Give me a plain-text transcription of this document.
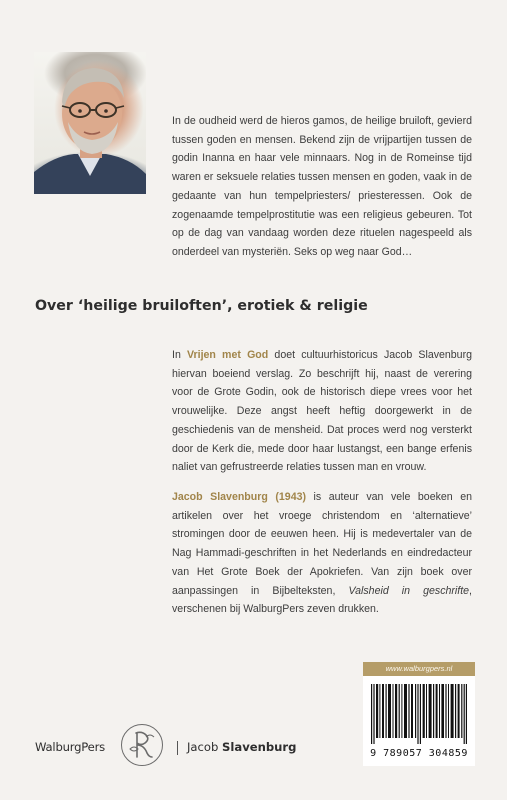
In de oudheid werd de hieros gamos, de heilige bruiloft, gevierd tussen goden en mensen. Bekend zijn de vrijpartijen tussen de godin Inanna en haar vele minnaars. Nog in de Romeinse tijd waren er seksuele relaties tussen mensen en goden, vaak in de gedaante van hun tempelpriesters/ priesteressen. Ook de zogenaamde tempelprostitutie was een religieus gebeuren. Tot op de dag van vandaag worden deze rituelen nagespeeld als onderdeel van mysteriën. Seks op weg naar God…

Over ‘heilige bruiloften’, erotiek & religie

In Vrijen met God doet cultuurhistoricus Jacob Slavenburg hiervan boeiend verslag. Zo beschrijft hij, naast de verering voor de Grote Godin, ook de historisch diepe vrees voor het vrouwelijke. Deze angst heeft heftig doorgewerkt in de geschiedenis van de mensheid. Dat proces werd nog versterkt door de Kerk die, mede door haar lustangst, een bange erfenis naliet van gefrustreerde relaties tussen man en vrouw.

Jacob Slavenburg (1943) is auteur van vele boeken en artikelen over het vroege christendom en ‘alternatieve’ stromingen door de eeuwen heen. Hij is medevertaler van de Nag Hammadi-geschriften in het Nederlands en eindredacteur van Het Grote Boek der Apokriefen. Van zijn boek over aanpassingen in Bijbelteksten, Valsheid in geschrifte, verschenen bij WalburgPers zeven drukken.

www.walburgpers.nl
9 789057 304859
WalburgPers	Jacob Slavenburg
